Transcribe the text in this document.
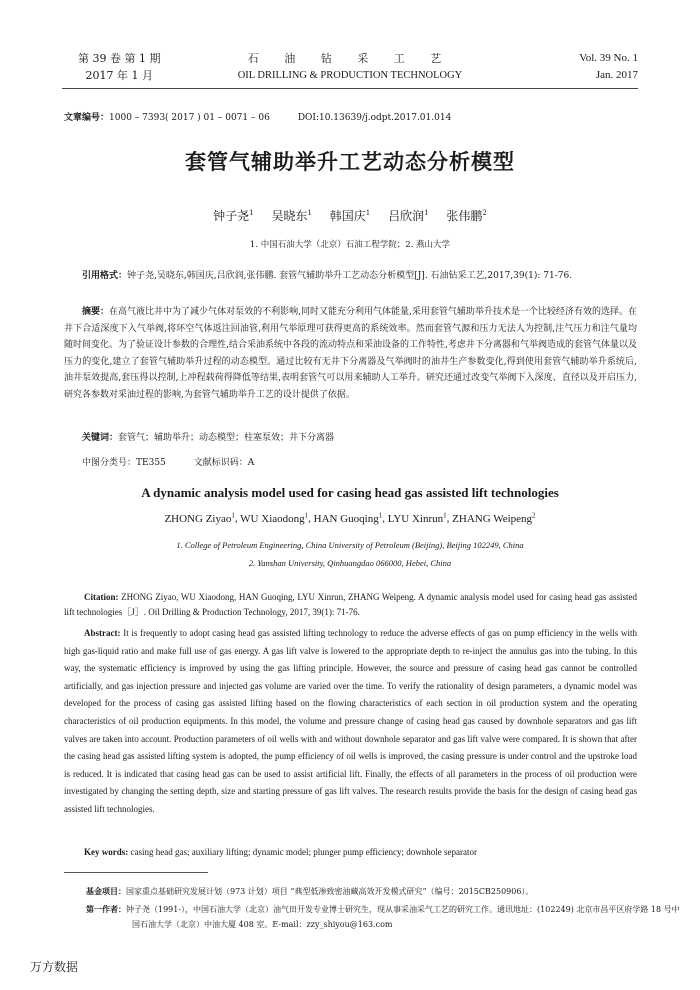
第 39 卷 第 1 期
2017 年 1 月
石 油 钻 采 工 艺
OIL DRILLING & PRODUCTION TECHNOLOGY
Vol. 39 No. 1
Jan. 2017
文章编号：1000 – 7393( 2017 ) 01 – 0071 – 06	DOI:10.13639/j.odpt.2017.01.014
套管气辅助举升工艺动态分析模型
钟子尧$^1$ 吴晓东$^1$ 韩国庆$^1$ 吕欣润$^1$ 张伟鹏$^2$
1. 中国石油大学（北京）石油工程学院；2. 燕山大学
引用格式：钟子尧,吴晓东,韩国庆,吕欣润,张伟鹏. 套管气辅助举升工艺动态分析模型[J]. 石油钻采工艺,2017,39(1): 71-76.
摘要：在高气液比井中为了减少气体对泵效的不利影响,同时又能充分利用气体能量,采用套管气辅助举升技术是一个比较经济有效的选择。在井下合适深度下入气举阀,将环空气体返注回油管,利用气举原理可获得更高的系统效率。然而套管气源和压力无法人为控制,注气压力和注气量均随时间变化。为了验证设计参数的合理性,结合采油系统中各段的流动特点和采油设备的工作特性,考虑井下分离器和气举阀造成的套管气体量以及压力的变化,建立了套管气辅助举升过程的动态模型。通过比较有无井下分离器及气举阀时的油井生产参数变化,得到使用套管气辅助举升系统后,油井泵效提高,套压得以控制,上冲程载荷得降低等结果,表明套管气可以用来辅助人工举升。研究还通过改变气举阀下入深度、直径以及开启压力,研究各参数对采油过程的影响,为套管气辅助举升工艺的设计提供了依据。
关键词：套管气；辅助举升；动态模型；柱塞泵效；井下分离器
中图分类号：TE355	文献标识码：A
A dynamic analysis model used for casing head gas assisted lift technologies
ZHONG Ziyao$^1$, WU Xiaodong$^1$, HAN Guoqing$^1$, LYU Xinrun$^1$, ZHANG Weipeng$^2$
1. College of Petroleum Engineering, China University of Petroleum (Beijing), Beijing 102249, China
2. Yanshan University, Qinhuangdao 066000, Hebei, China
Citation: ZHONG Ziyao, WU Xiaodong, HAN Guoqing, LYU Xinrun, ZHANG Weipeng. A dynamic analysis model used for casing head gas assisted lift technologies［J］. Oil Drilling & Production Technology, 2017, 39(1): 71-76.
Abstract: It is frequently to adopt casing head gas assisted lifting technology to reduce the adverse effects of gas on pump efficiency in the wells with high gas-liquid ratio and make full use of gas energy. A gas lift valve is lowered to the appropriate depth to re-inject the annulus gas into the tubing. In this way, the systematic efficiency is improved by using the gas lifting principle. However, the source and pressure of casing head gas cannot be controlled artificially, and gas injection pressure and injected gas volume are varied over the time. To verify the rationality of design parameters, a dynamic model was developed for the process of casing gas assisted lifting based on the flowing characteristics of each section in oil production system and the operating characteristics of oil production equipments. In this model, the volume and pressure change of casing head gas caused by downhole separators and gas lift valves are taken into account. Production parameters of oil wells with and without downhole separator and gas lift valve were compared. It is shown that after the casing head gas assisted lifting system is adopted, the pump efficiency of oil wells is improved, the casing pressure is under control and the upstroke load is reduced. It is indicated that casing head gas can be used to assist artificial lift. Finally, the effects of all parameters in the process of oil production were investigated by changing the setting depth, size and starting pressure of gas lift valves. The research results provide the basis for the design of casing head gas assisted lift technologies.
Key words: casing head gas; auxiliary lifting; dynamic model; plunger pump efficiency; downhole separator
基金项目：国家重点基础研究发展计划（973 计划）项目 “典型低渗致密油藏高效开发模式研究”（编号：2015CB250906）。
第一作者：钟子尧（1991-），中国石油大学（北京）油气田开发专业博士研究生，现从事采油采气工艺的研究工作。通讯地址：(102249) 北京市昌平区府学路 18 号中国石油大学（北京）中油大厦 408 室。E-mail：zzy_shiyou@163.com
万方数据
